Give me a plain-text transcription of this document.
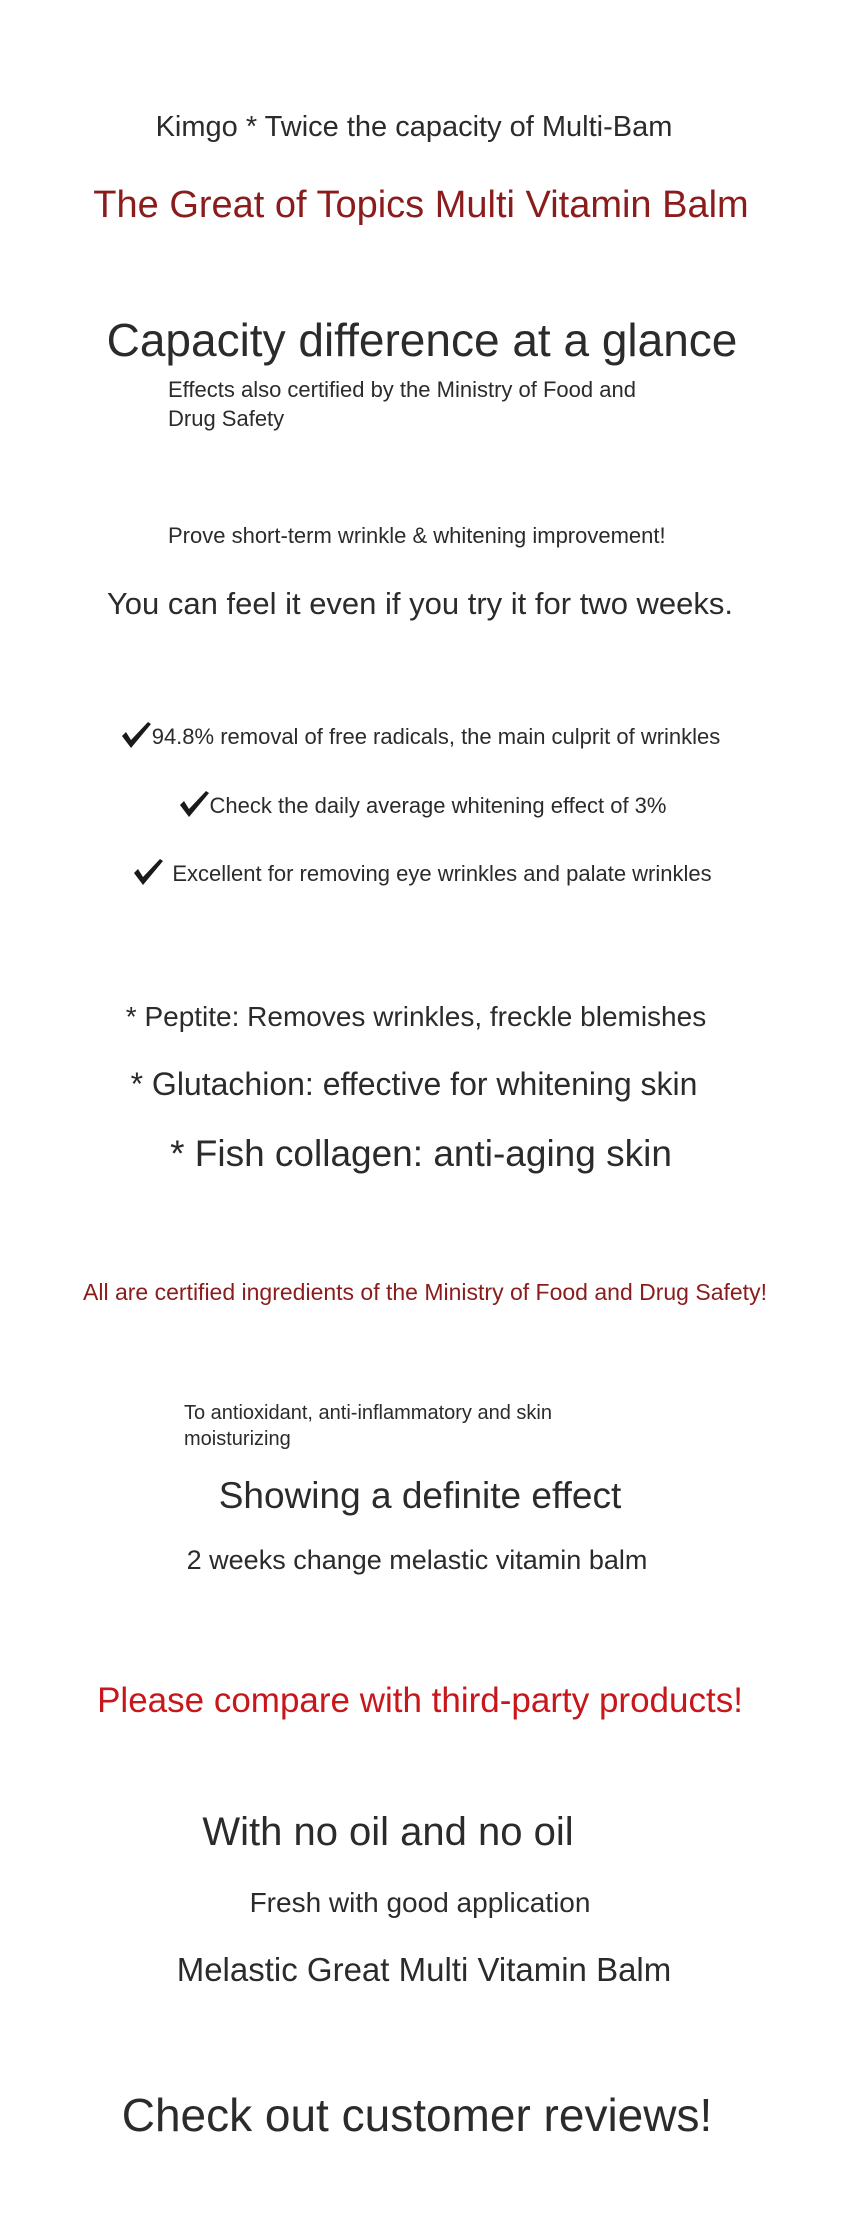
Kimgo * Twice the capacity of Multi-Bam
The Great of Topics Multi Vitamin Balm
Capacity difference at a glance
Effects also certified by the Ministry of Food and Drug Safety
Prove short-term wrinkle & whitening improvement!
You can feel it even if you try it for two weeks.
94.8% removal of free radicals, the main culprit of wrinkles
Check the daily average whitening effect of 3%
Excellent for removing eye wrinkles and palate wrinkles
* Peptite: Removes wrinkles, freckle blemishes
* Glutachion: effective for whitening skin
* Fish collagen: anti-aging skin
All are certified ingredients of the Ministry of Food and Drug Safety!
To antioxidant, anti-inflammatory and skin moisturizing
Showing a definite effect
2 weeks change melastic vitamin balm
Please compare with third-party products!
With no oil and no oil
Fresh with good application
Melastic Great Multi Vitamin Balm
Check out customer reviews!
